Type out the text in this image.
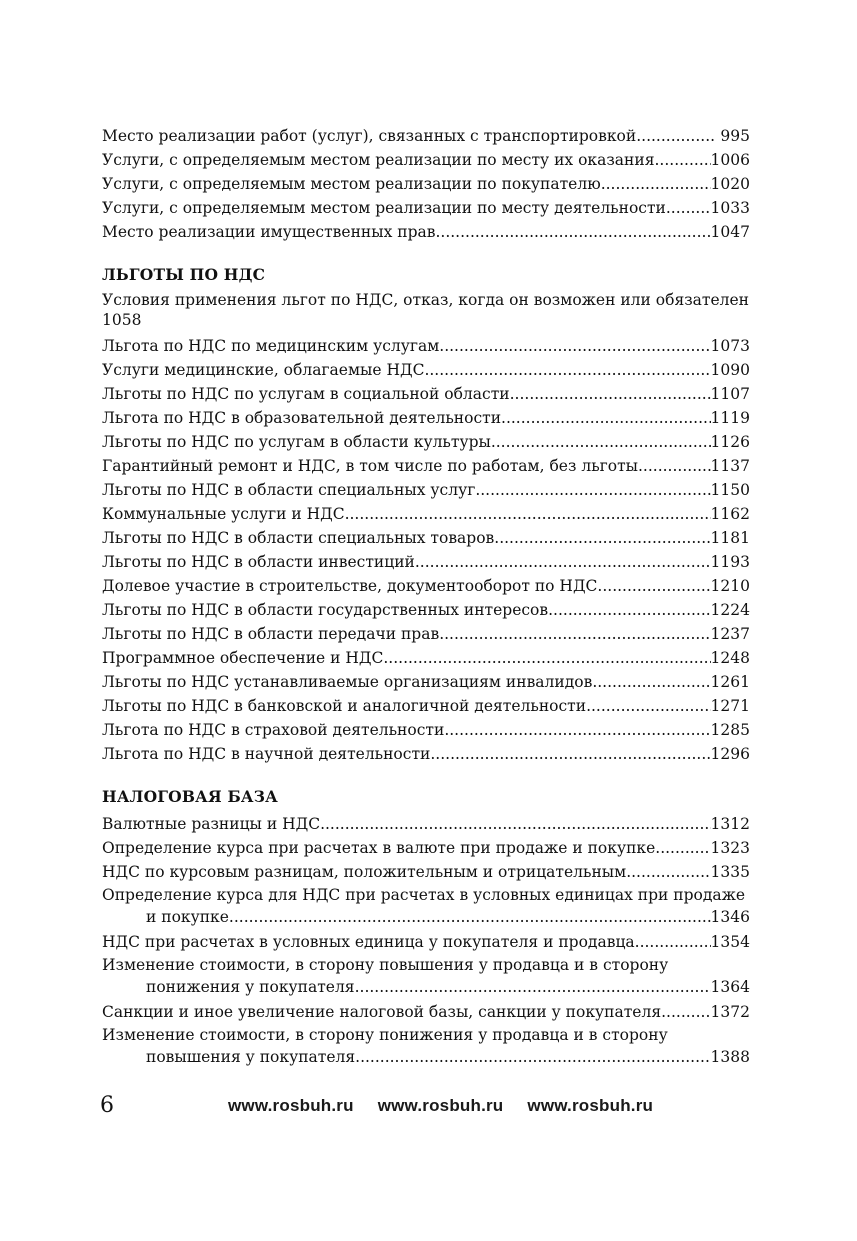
Место реализации работ (услуг), связанных с транспортировкой .....	995
Услуги, с определяемым местом реализации по месту их оказания .....	1006
Услуги, с определяемым местом реализации по покупателю .....	1020
Услуги, с определяемым местом реализации по месту деятельности .....	1033
Место реализации имущественных прав .....	1047
ЛЬГОТЫ ПО НДС
Условия применения льгот по НДС, отказ, когда он возможен или обязателен
1058
Льгота по НДС по медицинским услугам .....	1073
Услуги медицинские, облагаемые НДС .....	1090
Льготы по НДС по услугам в социальной области .....	1107
Льгота по НДС в образовательной деятельности .....	1119
Льготы по НДС по услугам в области культуры .....	1126
Гарантийный ремонт и НДС, в том числе по работам, без льготы .....	1137
Льготы по НДС в области специальных услуг .....	1150
Коммунальные услуги и НДС .....	1162
Льготы по НДС в области специальных товаров .....	1181
Льготы по НДС в области инвестиций .....	1193
Долевое участие в строительстве, документооборот по НДС .....	1210
Льготы по НДС в области государственных интересов .....	1224
Льготы по НДС в области передачи прав .....	1237
Программное обеспечение и НДС .....	1248
Льготы по НДС устанавливаемые организациям инвалидов .....	1261
Льготы по НДС в банковской и аналогичной деятельности .....	1271
Льгота по НДС в страховой деятельности .....	1285
Льгота по НДС в научной деятельности .....	1296
НАЛОГОВАЯ БАЗА
Валютные разницы и НДС .....	1312
Определение курса при расчетах в валюте при продаже и покупке .....	1323
НДС по курсовым разницам, положительным и отрицательным .....	1335
Определение курса для НДС при расчетах в условных единицах при продаже
и покупке .....	1346
НДС при расчетах в условных единица у покупателя и продавца .....	1354
Изменение стоимости, в сторону повышения у продавца и в сторону
понижения у покупателя .....	1364
Санкции и иное увеличение налоговой базы, санкции у покупателя .....	1372
Изменение стоимости, в сторону понижения у продавца и в сторону
повышения у покупателя .....	1388
6	www.rosbuh.ru www.rosbuh.ru www.rosbuh.ru
